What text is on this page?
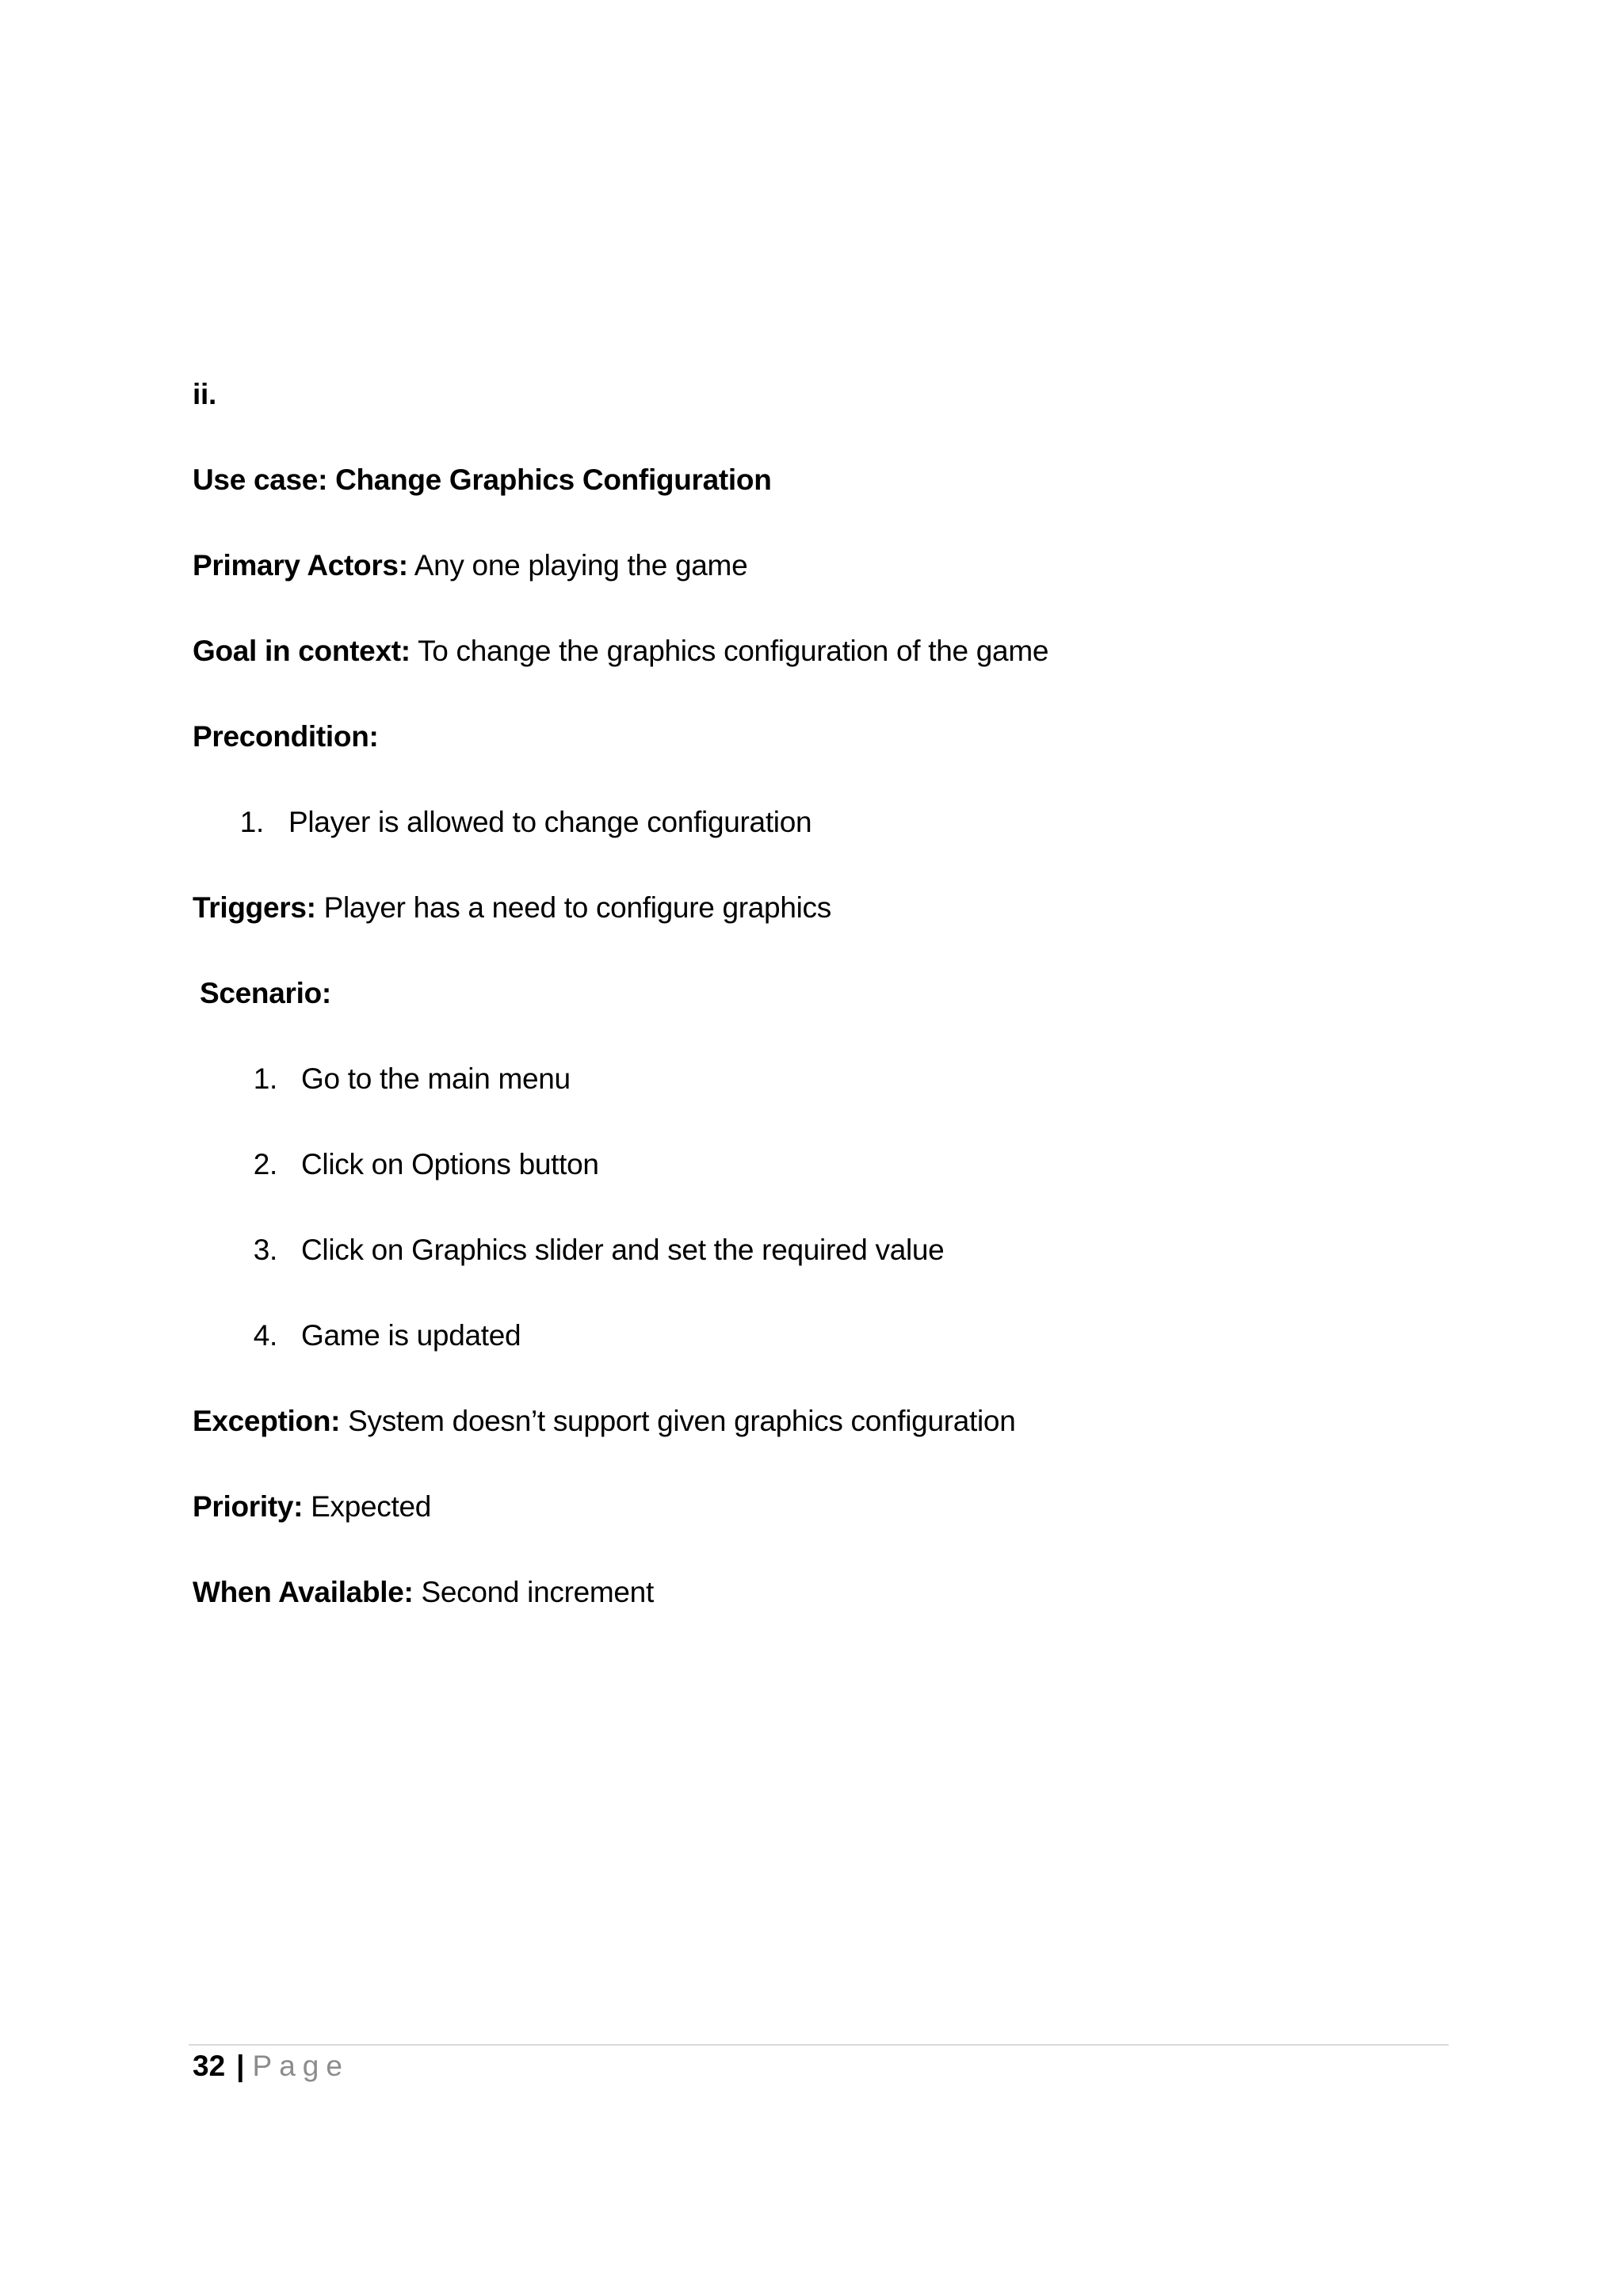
ii.
Use case: Change Graphics Configuration
Primary Actors: Any one playing the game
Goal in context: To change the graphics configuration of the game
Precondition:
1. Player is allowed to change configuration
Triggers: Player has a need to configure graphics
Scenario:
1. Go to the main menu
2. Click on Options button
3. Click on Graphics slider and set the required value
4. Game is updated
Exception: System doesn’t support given graphics configuration
Priority: Expected
When Available: Second increment
32 | Page
